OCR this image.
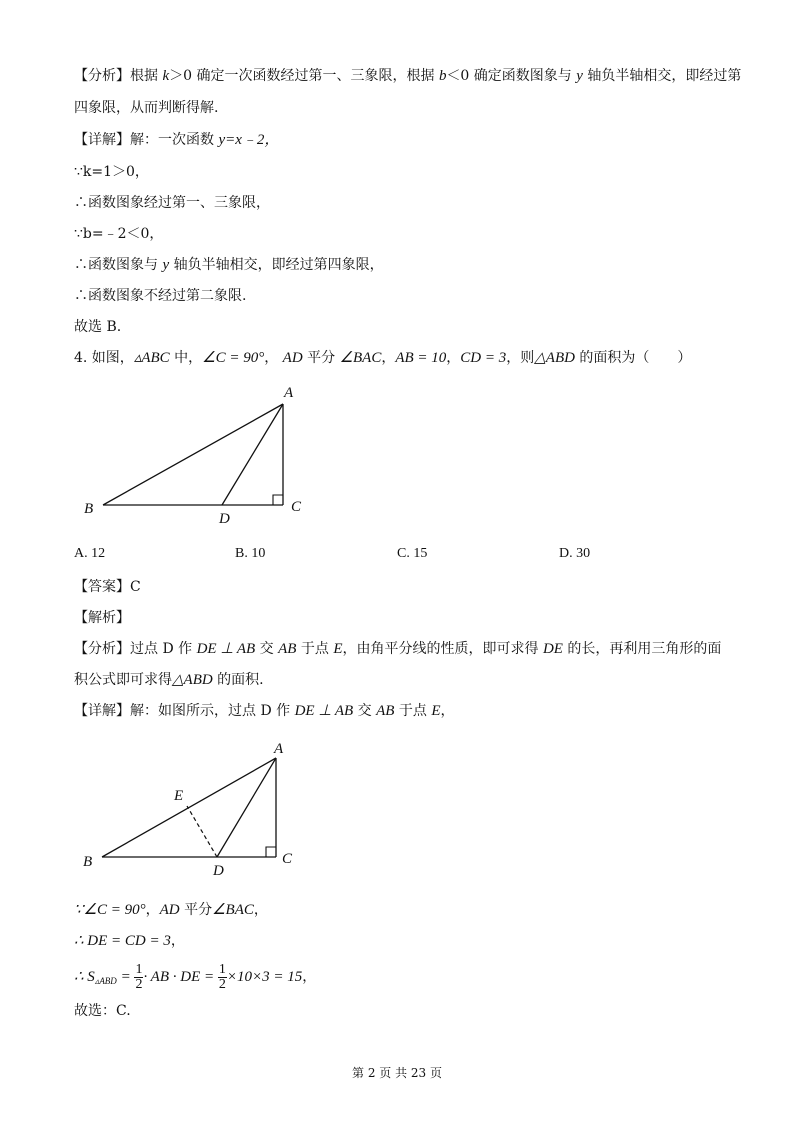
【分析】根据 k＞0 确定一次函数经过第一、三象限，根据 b＜0 确定函数图象与 y 轴负半轴相交，即经过第
四象限，从而判断得解.
【详解】解：一次函数 y=x﹣2，
∵k=1＞0，
∴函数图象经过第一、三象限，
∵b=﹣2＜0，
∴函数图象与 y 轴负半轴相交，即经过第四象限，
∴函数图象不经过第二象限.
故选 B.
4. 如图，▵ABC 中，∠C = 90°， AD 平分 ∠BAC，AB = 10，CD = 3，则△ABD 的面积为（　　）
A
B	C
D
A. 12	B. 10	C. 15	D. 30
【答案】C
【解析】
【分析】过点 D 作 DE ⊥ AB 交 AB 于点 E，由角平分线的性质，即可求得 DE 的长，再利用三角形的面
积公式即可求得△ABD 的面积.
【详解】解：如图所示，过点 D 作 DE ⊥ AB 交 AB 于点 E，
A
B	C
D
E
∵∠C = 90°，AD 平分∠BAC，
∴ DE = CD = 3，
∴ $S_{▵ABD} = \frac{1}{2}$ · AB · DE = $\frac{1}{2} \times 10\times 3 = 15$，
故选：C.
第 2 页 共 23 页
